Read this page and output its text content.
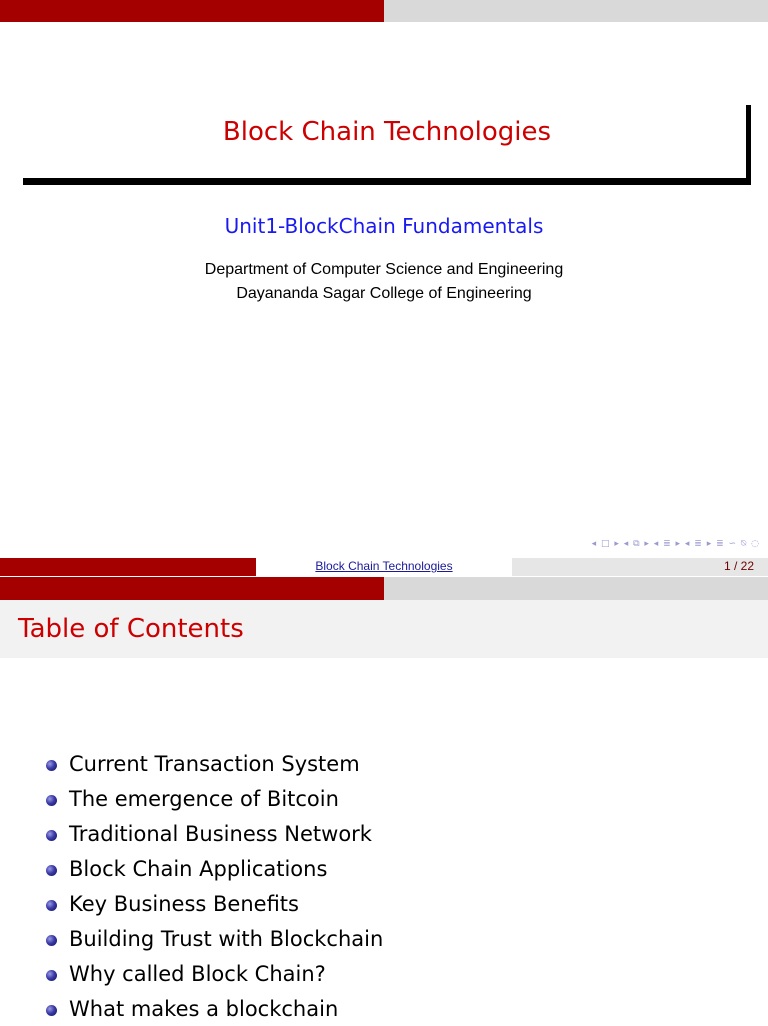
Block Chain Technologies
Unit1-BlockChain Fundamentals
Department of Computer Science and Engineering
Dayananda Sagar College of Engineering
◂ □ ▸ ◂ ⧉ ▸ ◂ ≣ ▸ ◂ ≣ ▸ ≣ ∽ ⍉ ◌
Block Chain Technologies	1 / 22
Table of Contents
Current Transaction System
The emergence of Bitcoin
Traditional Business Network
Block Chain Applications
Key Business Benefits
Building Trust with Blockchain
Why called Block Chain?
What makes a blockchain
